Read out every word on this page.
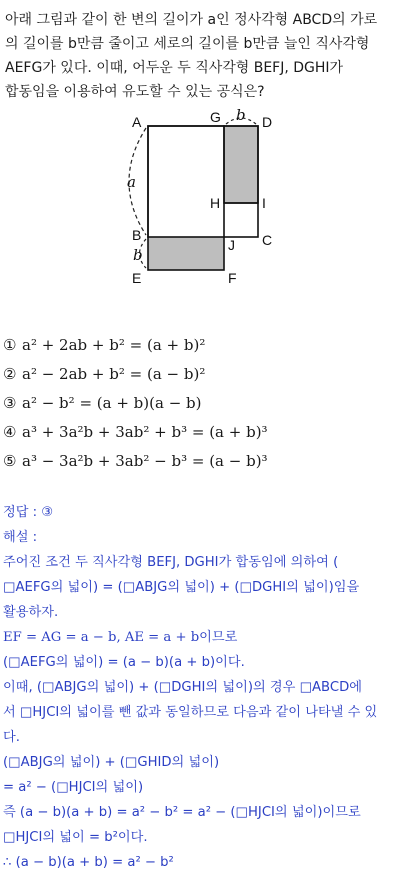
아래 그림과 같이 한 변의 길이가 a인 정사각형 ABCD의 가로
의 길이를 b만큼 줄이고 세로의 길이를 b만큼 늘인 직사각형
AEFG가 있다. 이때, 어두운 두 직사각형 BEFJ, DGHI가
합동임을 이용하여 유도할 수 있는 공식은?
A	G	D
H	I
B
J C
E	F
a
b
b
① a² + 2ab + b² = (a + b)²
② a² − 2ab + b² = (a − b)²
③ a² − b² = (a + b)(a − b)
④ a³ + 3a²b + 3ab² + b³ = (a + b)³
⑤ a³ − 3a²b + 3ab² − b³ = (a − b)³
정답 : ③
해설 :
주어진 조건 두 직사각형 BEFJ, DGHI가 합동임에 의하여 (
□AEFG의 넓이) = (□ABJG의 넓이) + (□DGHI의 넓이)임을
활용하자.
EF = AG = a − b, AE = a + b이므로
(□AEFG의 넓이) = (a − b)(a + b)이다.
이때, (□ABJG의 넓이) + (□DGHI의 넓이)의 경우 □ABCD에
서 □HJCI의 넓이를 뺀 값과 동일하므로 다음과 같이 나타낼 수 있
다.
(□ABJG의 넓이) + (□GHID의 넓이)
= a² − (□HJCI의 넓이)
즉 (a − b)(a + b) = a² − b² = a² − (□HJCI의 넓이)이므로
□HJCI의 넓이 = b²이다.
∴ (a − b)(a + b) = a² − b²
